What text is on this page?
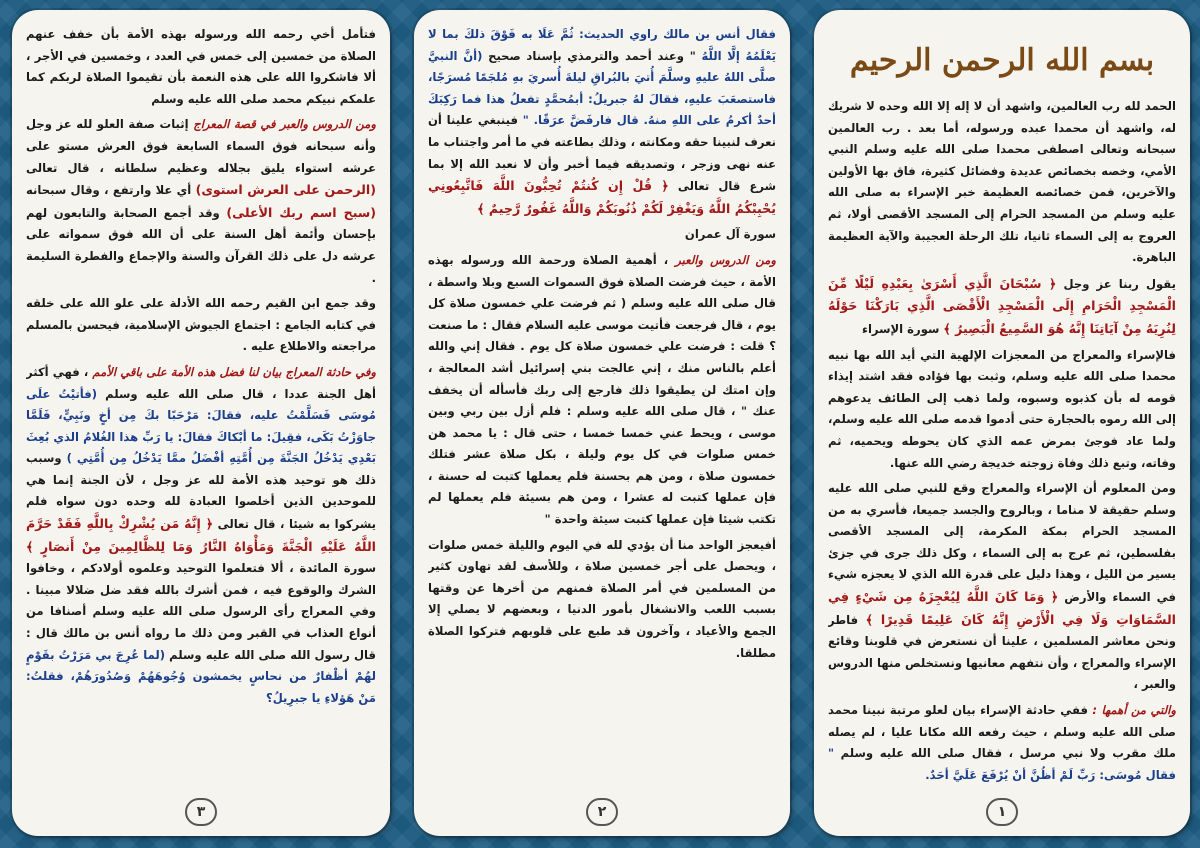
بسم الله الرحمن الرحيم

الحمد لله رب العالمين، واشهد أن لا إله إلا الله وحده لا شريك له، واشهد أن محمدا عبده ورسوله، أما بعد . رب العالمين سبحانه وتعالى اصطفى محمدا صلى الله عليه وسلم النبي الأمي، وخصه بخصائص عديدة وفضائل كثيرة، فاق بها الأولين والآخرين، فمن خصائصه العظيمة خبر الإسراء به صلى الله عليه وسلم من المسجد الحرام إلى المسجد الأقصى أولا، ثم العروج به إلى السماء ثانيا، تلك الرحلة العجيبة والآية العظيمة الباهرة.

يقول ربنا عز وجل ﴿ سُبْحَانَ الَّذِي أَسْرَىٰ بِعَبْدِهِ لَيْلًا مِّنَ الْمَسْجِدِ الْحَرَامِ إِلَى الْمَسْجِدِ الْأَقْصَى الَّذِي بَارَكْنَا حَوْلَهُ لِنُرِيَهُ مِنْ آيَاتِنَا إِنَّهُ هُوَ السَّمِيعُ الْبَصِيرُ ﴾ سورة الإسراء

فالإسراء والمعراج من المعجزات الإلهية التي أيد الله بها نبيه محمدا صلى الله عليه وسلم، وثبت بها فؤاده فقد اشتد إيذاء قومه له بأن كذبوه وسبوه، ولما ذهب إلى الطائف يدعوهم إلى الله رموه بالحجارة حتى أدموا قدمه صلى الله عليه وسلم، ولما عاد فوجئ بمرض عمه الذي كان يحوطه ويحميه، ثم وفاته، وتبع ذلك وفاة زوجته خديجة رضي الله عنها.

ومن المعلوم أن الإسراء والمعراج وقع للنبي صلى الله عليه وسلم حقيقة لا مناما ، وبالروح والجسد جميعا، فأسري به من المسجد الحرام بمكة المكرمة، إلى المسجد الأقصى بفلسطين، ثم عرج به إلى السماء ، وكل ذلك جرى في جزئ يسير من الليل ، وهذا دليل على قدرة الله الذي لا يعجزه شيء في السماء والأرض ﴿ وَمَا كَانَ اللَّهُ لِيُعْجِزَهُ مِن شَيْءٍ فِي السَّمَاوَاتِ وَلَا فِي الْأَرْضِ إِنَّهُ كَانَ عَلِيمًا قَدِيرًا ﴾ فاطر ونحن معاشر المسلمين ، علينا أن نستعرض في قلوبنا وقائع الإسراء والمعراج ، وأن نتفهم معانيها ونستخلص منها الدروس والعبر ،

والتي من أهمها : ففي حادثة الإسراء بيان لعلو مرتبة نبينا محمد صلى الله عليه وسلم ، حيث رفعه الله مكانا عليا ، لم يصله ملك مقرب ولا نبي مرسل ، فقال صلى الله عليه وسلم " فقال مُوسَى: رَبِّ لَمْ أظُنَّ أنْ يُرْفَعَ عَلَيَّ أحَدٌ.

١

فقال أنس بن مالك راوي الحديث: ثُمَّ عَلَا به فَوْقَ ذلكَ بما لا يَعْلَمُهُ إلَّا اللَّهُ " وعند أحمد والترمذي بإسناد صحيح (أنَّ النبيَّ صلَّى اللهُ عليهِ وسلَّمَ أُتيَ بالبُراقِ ليلةَ أُسريَ بهِ مُلجَمًا مُسرَجًا، فاستصعَبَ عليهِ، فقالَ لهُ جبريلُ: أبمُحمَّدٍ تفعلُ هذا فما رَكِبَكَ أحدٌ أكرمُ على اللهِ منهُ. قال فارفَضَّ عرَقًا. " فينبغي علينا أن نعرف لنبينا حقه ومكانته ، وذلك بطاعته في ما أمر واجتناب ما عنه نهى وزجر ، وتصديقه فيما أخبر وأن لا نعبد الله إلا بما شرع قال تعالى ﴿ قُلْ إِن كُنتُمْ تُحِبُّونَ اللَّهَ فَاتَّبِعُونِي يُحْبِبْكُمُ اللَّهُ وَيَغْفِرْ لَكُمْ ذُنُوبَكُمْ وَاللَّهُ غَفُورٌ رَّحِيمٌ ﴾

سورة آل عمران

ومن الدروس والعبر ، أهمية الصلاة ورحمة الله ورسوله بهذه الأمة ، حيث فرضت الصلاة فوق السموات السبع وبلا واسطة ، قال صلى الله عليه وسلم ( ثم فرضت علي خمسون صلاة كل يوم ، قال فرجعت فأتيت موسى عليه السلام فقال : ما صنعت ؟ قلت : فرضت علي خمسون صلاة كل يوم . فقال إني والله أعلم بالناس منك ، إني عالجت بني إسرائيل أشد المعالجة ، وإن امتك لن يطيقوا ذلك فارجع إلى ربك فأسأله أن يخفف عنك " ، قال صلى الله عليه وسلم : فلم أزل بين ربي وبين موسى ، ويحط عني خمسا خمسا ، حتى قال : يا محمد هن خمس صلوات في كل يوم وليلة ، بكل صلاة عشر فتلك خمسون صلاة ، ومن هم بحسنة فلم يعملها كتبت له حسنة ، فإن عملها كتبت له عشرا ، ومن هم بسيئة فلم يعملها لم تكتب شيئا فإن عملها كتبت سيئة واحدة "

أفيعجز الواحد منا أن يؤدي لله في اليوم والليلة خمس صلوات ، ويحصل على أجر خمسين صلاة ، وللأسف لقد تهاون كثير من المسلمين في أمر الصلاة فمنهم من أخرها عن وقتها بسبب اللعب والانشغال بأمور الدنيا ، وبعضهم لا يصلي إلا الجمع والأعياد ، وآخرون قد طبع على قلوبهم فتركوا الصلاة مطلقا.

٢

فتأمل أخي رحمه الله ورسوله بهذه الأمة بأن خفف عنهم الصلاة من خمسين إلى خمس في العدد ، وخمسين في الأجر ، ألا فاشكروا الله على هذه النعمة بأن تقيموا الصلاة لربكم كما علمكم نبيكم محمد صلى الله عليه وسلم

ومن الدروس والعبر في قصة المعراج إثبات صفة العلو لله عز وجل وأنه سبحانه فوق السماء السابعة فوق العرش مستو على عرشه استواء يليق بجلاله وعظيم سلطانه ، قال تعالى (الرحمن على العرش استوى) أي علا وارتفع ، وقال سبحانه (سبح اسم ربك الأعلى) وقد أجمع الصحابة والتابعون لهم بإحسان وأئمة أهل السنة على أن الله فوق سمواته على عرشه دل على ذلك القرآن والسنة والإجماع والفطرة السليمة .

وقد جمع ابن القيم رحمه الله الأدلة على علو الله على خلقه في كتابه الجامع : اجتماع الجيوش الإسلامية، فيحسن بالمسلم مراجعته والاطلاع عليه .

وفي حادثة المعراج بيان لنا فضل هذه الأمة على باقي الأمم ، فهي أكثر أهل الجنة عددا ، قال صلى الله عليه وسلم (فأتيْتُ علَى مُوسَى فَسَلَّمْتُ عليه، فقالَ: مَرْحَبًا بكَ مِن أخٍ ونَبِيٍّ، فَلَمَّا جاوَزْتُ بَكَى، فقِيلَ: ما أبْكاكَ فقالَ: يا رَبِّ هذا الغُلامُ الذي بُعِثَ بَعْدِي يَدْخُلُ الجَنَّةَ مِن أُمَّتِهِ أفْضَلُ ممَّا يَدْخُلُ مِن أُمَّتِي ) وسبب ذلك هو توحيد هذه الأمة لله عز وجل ، لأن الجنة إنما هي للموحدين الذين أخلصوا العبادة لله وحده دون سواه فلم يشركوا به شيئا ، قال تعالى ﴿ إِنَّهُ مَن يُشْرِكْ بِاللَّهِ فَقَدْ حَرَّمَ اللَّهُ عَلَيْهِ الْجَنَّةَ وَمَأْوَاهُ النَّارُ وَمَا لِلظَّالِمِينَ مِنْ أَنصَارٍ ﴾ سورة المائدة ، ألا فتعلموا التوحيد وعلموه أولادكم ، وخافوا الشرك والوقوع فيه ، فمن أشرك بالله فقد ضل ضلالا مبينا . وفي المعراج رأى الرسول صلى الله عليه وسلم أصنافا من أنواع العذاب في القبر ومن ذلك ما رواه أنس بن مالك قال : قال رسول الله صلى الله عليه وسلم (لما عُرِجَ بي مَرَرْتُ بقَوْمٍ لهُمْ أظْفارٌ من نحاسٍ يخمشون وُجُوهَهُمْ وَصُدُورَهُمْ، فقلتُ: مَنْ هَؤلاءِ يا جبرِيلُ؟

٣
